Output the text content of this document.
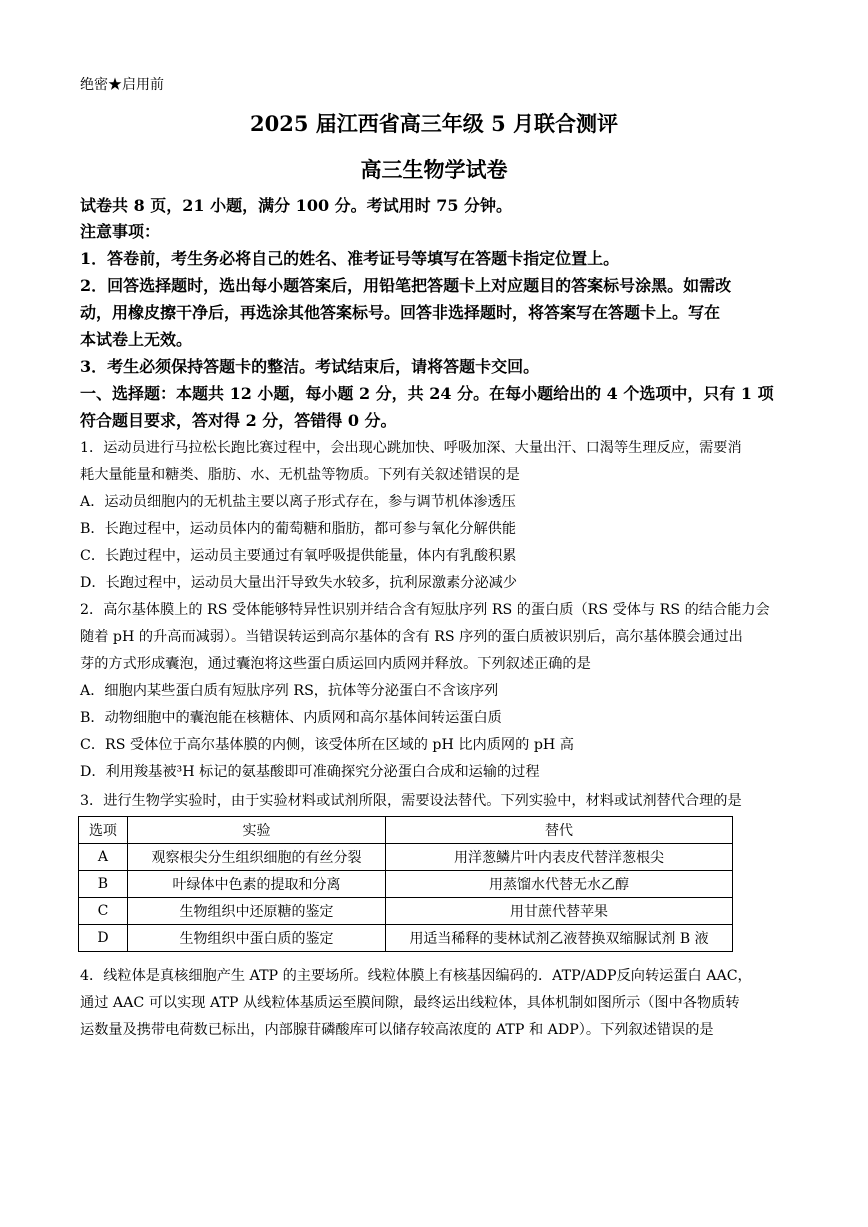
绝密★启用前
2025 届江西省高三年级 5 月联合测评
高三生物学试卷
试卷共 8 页，21 小题，满分 100 分。考试用时 75 分钟。
注意事项：
1．答卷前，考生务必将自己的姓名、准考证号等填写在答题卡指定位置上。
2．回答选择题时，选出每小题答案后，用铅笔把答题卡上对应题目的答案标号涂黑。如需改
动，用橡皮擦干净后，再选涂其他答案标号。回答非选择题时，将答案写在答题卡上。写在
本试卷上无效。
3．考生必须保持答题卡的整洁。考试结束后，请将答题卡交回。
一、选择题：本题共 12 小题，每小题 2 分，共 24 分。在每小题给出的 4 个选项中，只有 1 项
符合题目要求，答对得 2 分，答错得 0 分。
1．运动员进行马拉松长跑比赛过程中，会出现心跳加快、呼吸加深、大量出汗、口渴等生理反应，需要消
耗大量能量和糖类、脂肪、水、无机盐等物质。下列有关叙述错误的是
A．运动员细胞内的无机盐主要以离子形式存在，参与调节机体渗透压
B．长跑过程中，运动员体内的葡萄糖和脂肪，都可参与氧化分解供能
C．长跑过程中，运动员主要通过有氧呼吸提供能量，体内有乳酸积累
D．长跑过程中，运动员大量出汗导致失水较多，抗利尿激素分泌减少
2．高尔基体膜上的 RS 受体能够特异性识别并结合含有短肽序列 RS 的蛋白质（RS 受体与 RS 的结合能力会
随着 pH 的升高而减弱）。当错误转运到高尔基体的含有 RS 序列的蛋白质被识别后，高尔基体膜会通过出
芽的方式形成囊泡，通过囊泡将这些蛋白质运回内质网并释放。下列叙述正确的是
A．细胞内某些蛋白质有短肽序列 RS，抗体等分泌蛋白不含该序列
B．动物细胞中的囊泡能在核糖体、内质网和高尔基体间转运蛋白质
C．RS 受体位于高尔基体膜的内侧，该受体所在区域的 pH 比内质网的 pH 高
D．利用羧基被³H 标记的氨基酸即可准确探究分泌蛋白合成和运输的过程
3．进行生物学实验时，由于实验材料或试剂所限，需要设法替代。下列实验中，材料或试剂替代合理的是
选项	实验	替代
A	观察根尖分生组织细胞的有丝分裂	用洋葱鳞片叶内表皮代替洋葱根尖
B	叶绿体中色素的提取和分离	用蒸馏水代替无水乙醇
C	生物组织中还原糖的鉴定	用甘蔗代替苹果
D	生物组织中蛋白质的鉴定	用适当稀释的斐林试剂乙液替换双缩脲试剂 B 液
4．线粒体是真核细胞产生 ATP 的主要场所。线粒体膜上有核基因编码的．ATP/ADP反向转运蛋白 AAC，
通过 AAC 可以实现 ATP 从线粒体基质运至膜间隙，最终运出线粒体，具体机制如图所示（图中各物质转
运数量及携带电荷数已标出，内部腺苷磷酸库可以储存较高浓度的 ATP 和 ADP）。下列叙述错误的是
